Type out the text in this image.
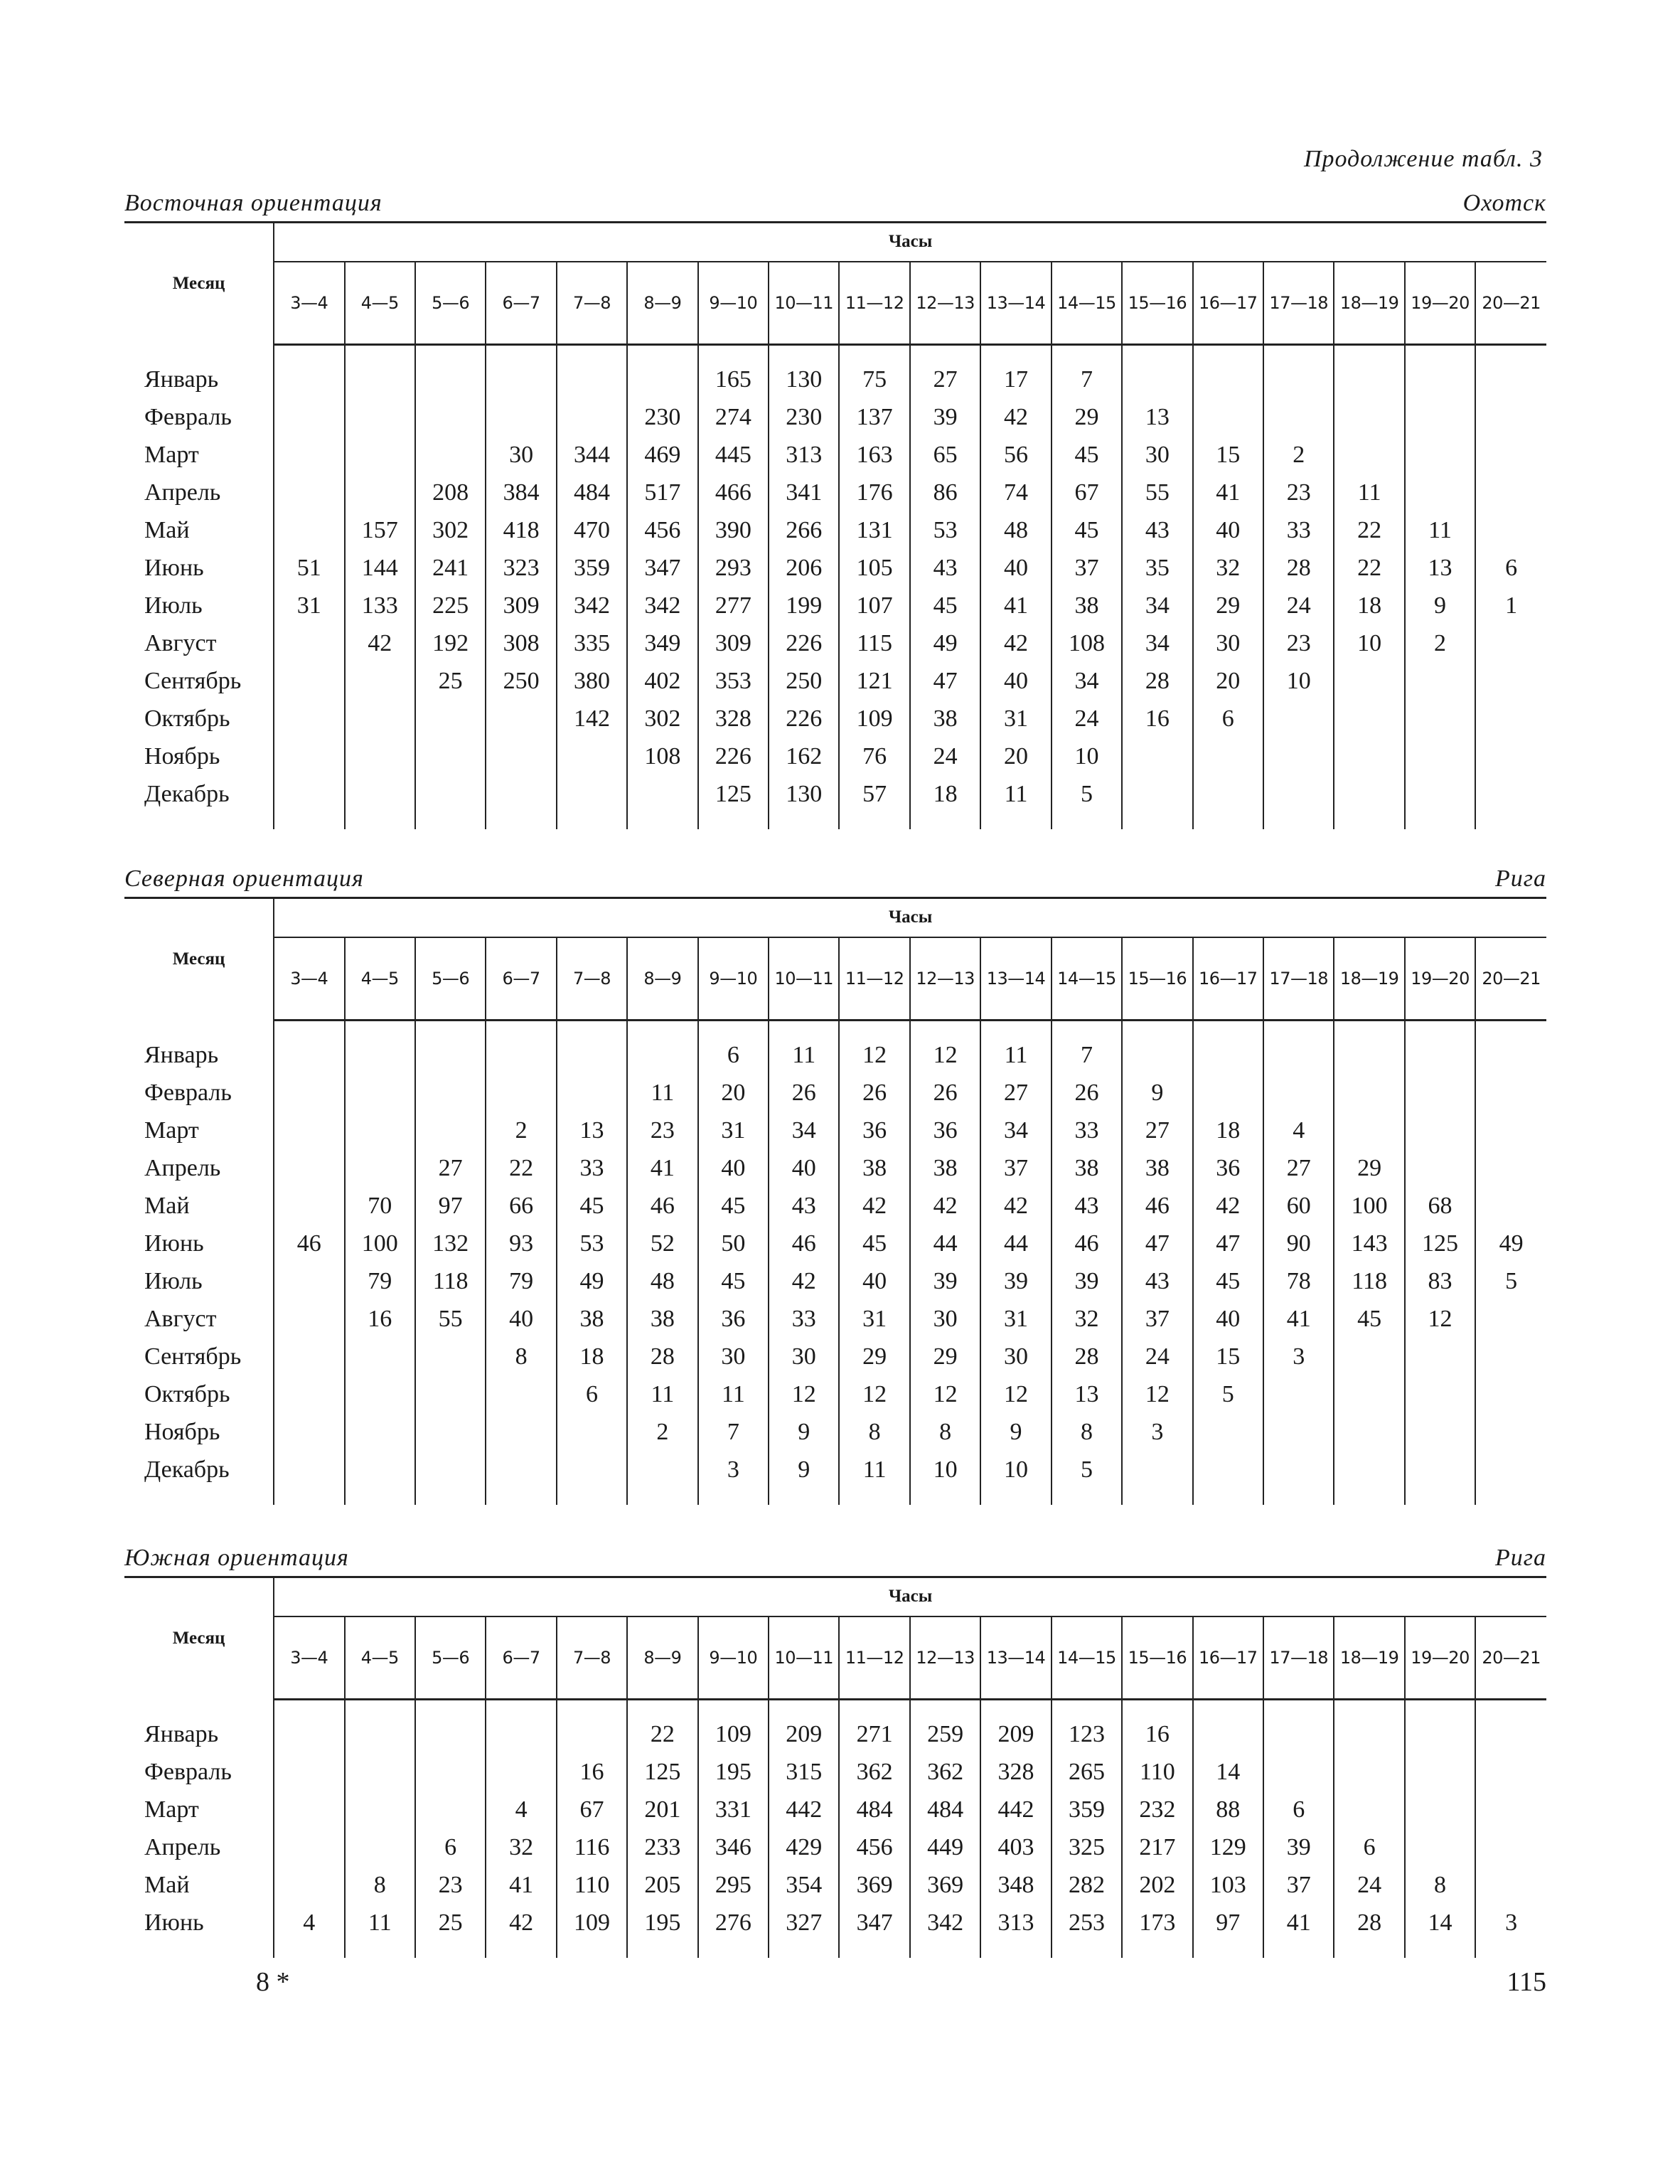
Продолжение табл. 3
Восточная ориентация	Охотск
Месяц	Часы																	
	3—4	4—5	5—6	6—7	7—8	8—9	9—10	10—11	11—12	12—13	13—14	14—15	15—16	16—17	17—18	18—19	19—20	20—21

Январь							165	130	75	27	17	7						
Февраль						230	274	230	137	39	42	29	13					
Март				30	344	469	445	313	163	65	56	45	30	15	2			
Апрель			208	384	484	517	466	341	176	86	74	67	55	41	23	11		
Май		157	302	418	470	456	390	266	131	53	48	45	43	40	33	22	11	
Июнь	51	144	241	323	359	347	293	206	105	43	40	37	35	32	28	22	13	6
Июль	31	133	225	309	342	342	277	199	107	45	41	38	34	29	24	18	9	1
Август		42	192	308	335	349	309	226	115	49	42	108	34	30	23	10	2	
Сентябрь			25	250	380	402	353	250	121	47	40	34	28	20	10			
Октябрь					142	302	328	226	109	38	31	24	16	6				
Ноябрь						108	226	162	76	24	20	10						
Декабрь							125	130	57	18	11	5						

Северная ориентация	Рига
Месяц	Часы																	
	3—4	4—5	5—6	6—7	7—8	8—9	9—10	10—11	11—12	12—13	13—14	14—15	15—16	16—17	17—18	18—19	19—20	20—21

Январь							6	11	12	12	11	7						
Февраль						11	20	26	26	26	27	26	9					
Март				2	13	23	31	34	36	36	34	33	27	18	4			
Апрель			27	22	33	41	40	40	38	38	37	38	38	36	27	29		
Май		70	97	66	45	46	45	43	42	42	42	43	46	42	60	100	68	
Июнь	46	100	132	93	53	52	50	46	45	44	44	46	47	47	90	143	125	49
Июль		79	118	79	49	48	45	42	40	39	39	39	43	45	78	118	83	5
Август		16	55	40	38	38	36	33	31	30	31	32	37	40	41	45	12	
Сентябрь				8	18	28	30	30	29	29	30	28	24	15	3			
Октябрь					6	11	11	12	12	12	12	13	12	5				
Ноябрь						2	7	9	8	8	9	8	3					
Декабрь							3	9	11	10	10	5						

Южная ориентация	Рига
Месяц	Часы																	
	3—4	4—5	5—6	6—7	7—8	8—9	9—10	10—11	11—12	12—13	13—14	14—15	15—16	16—17	17—18	18—19	19—20	20—21

Январь						22	109	209	271	259	209	123	16					
Февраль					16	125	195	315	362	362	328	265	110	14				
Март				4	67	201	331	442	484	484	442	359	232	88	6			
Апрель			6	32	116	233	346	429	456	449	403	325	217	129	39	6		
Май		8	23	41	110	205	295	354	369	369	348	282	202	103	37	24	8	
Июнь	4	11	25	42	109	195	276	327	347	342	313	253	173	97	41	28	14	3

8 *	115
